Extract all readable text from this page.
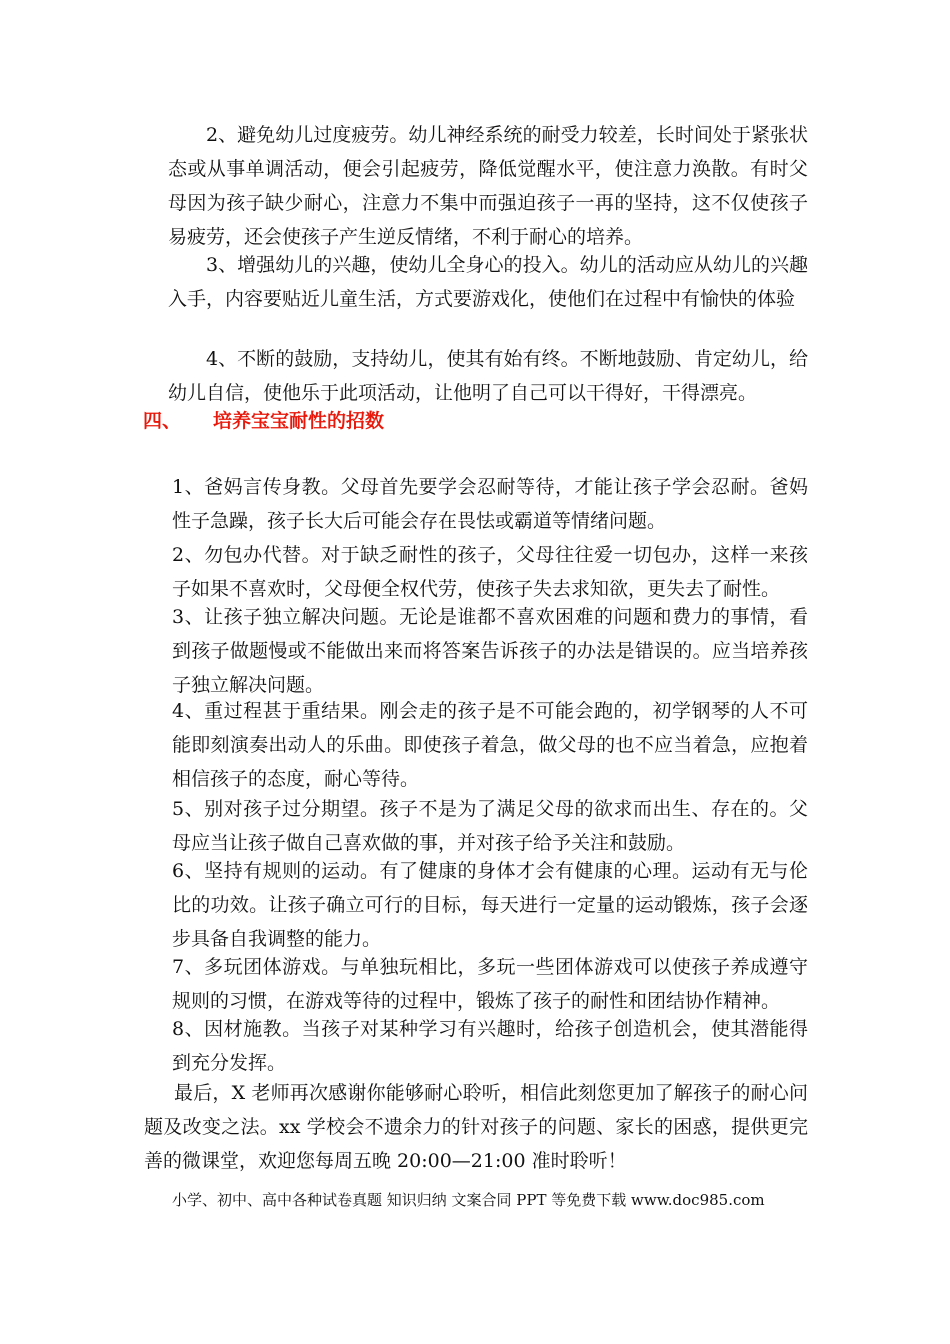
2、避免幼儿过度疲劳。幼儿神经系统的耐受力较差，长时间处于紧张状态或从事单调活动，便会引起疲劳，降低觉醒水平，使注意力涣散。有时父母因为孩子缺少耐心，注意力不集中而强迫孩子一再的坚持，这不仅使孩子易疲劳，还会使孩子产生逆反情绪，不利于耐心的培养。

3、增强幼儿的兴趣，使幼儿全身心的投入。幼儿的活动应从幼儿的兴趣入手，内容要贴近儿童生活，方式要游戏化，使他们在过程中有愉快的体验

4、不断的鼓励，支持幼儿，使其有始有终。不断地鼓励、肯定幼儿，给幼儿自信，使他乐于此项活动，让他明了自己可以干得好，干得漂亮。

四、	培养宝宝耐性的招数

1、爸妈言传身教。父母首先要学会忍耐等待，才能让孩子学会忍耐。爸妈性子急躁，孩子长大后可能会存在畏怯或霸道等情绪问题。

2、勿包办代替。对于缺乏耐性的孩子，父母往往爱一切包办，这样一来孩子如果不喜欢时，父母便全权代劳，使孩子失去求知欲，更失去了耐性。

3、让孩子独立解决问题。无论是谁都不喜欢困难的问题和费力的事情，看到孩子做题慢或不能做出来而将答案告诉孩子的办法是错误的。应当培养孩子独立解决问题。

4、重过程甚于重结果。刚会走的孩子是不可能会跑的，初学钢琴的人不可能即刻演奏出动人的乐曲。即使孩子着急，做父母的也不应当着急，应抱着相信孩子的态度，耐心等待。

5、别对孩子过分期望。孩子不是为了满足父母的欲求而出生、存在的。父母应当让孩子做自己喜欢做的事，并对孩子给予关注和鼓励。

6、坚持有规则的运动。有了健康的身体才会有健康的心理。运动有无与伦比的功效。让孩子确立可行的目标，每天进行一定量的运动锻炼，孩子会逐步具备自我调整的能力。

7、多玩团体游戏。与单独玩相比，多玩一些团体游戏可以使孩子养成遵守规则的习惯，在游戏等待的过程中，锻炼了孩子的耐性和团结协作精神。

8、因材施教。当孩子对某种学习有兴趣时，给孩子创造机会，使其潜能得到充分发挥。

最后，X 老师再次感谢你能够耐心聆听，相信此刻您更加了解孩子的耐心问题及改变之法。xx 学校会不遗余力的针对孩子的问题、家长的困惑，提供更完善的微课堂，欢迎您每周五晚 20:00—21:00 准时聆听！

小学、初中、高中各种试卷真题 知识归纳 文案合同 PPT 等免费下载 www.doc985.com
